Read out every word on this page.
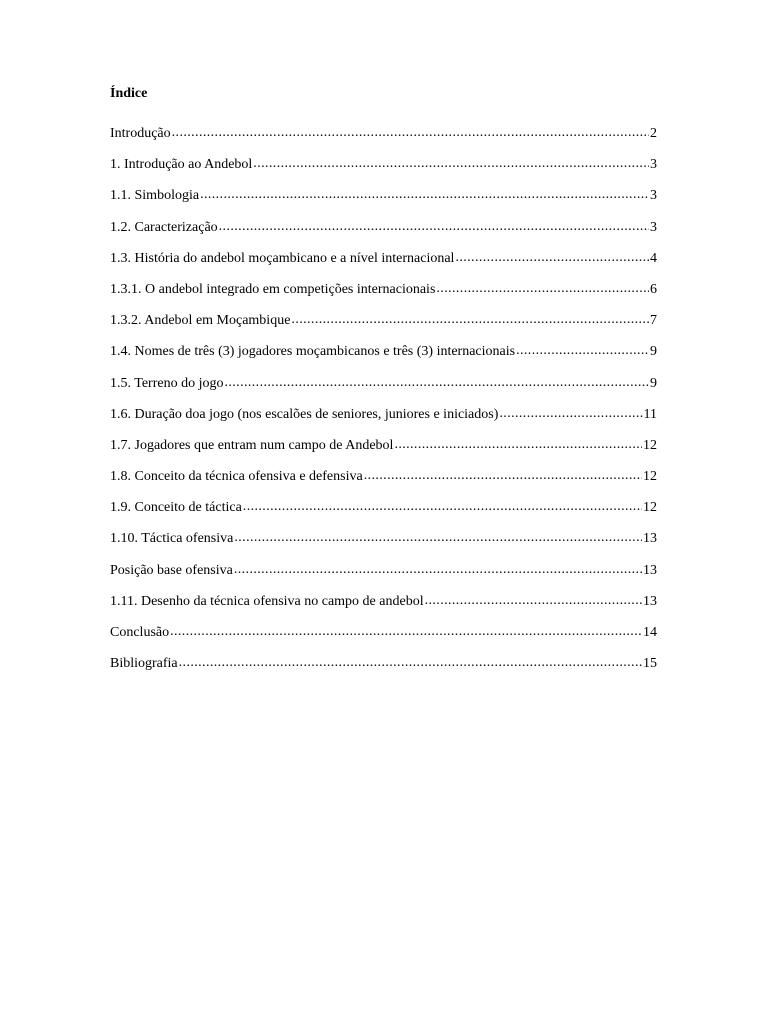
Índice
Introdução .....	2
1. Introdução ao Andebol .....	3
1.1. Simbologia .....	3
1.2. Caracterização .....	3
1.3. História do andebol moçambicano e a nível internacional .....	4
1.3.1. O andebol integrado em competições internacionais .....	6
1.3.2. Andebol em Moçambique .....	7
1.4. Nomes de três (3) jogadores moçambicanos e três (3) internacionais .....	9
1.5. Terreno do jogo .....	9
1.6. Duração doa jogo (nos escalões de seniores, juniores e iniciados) .....	11
1.7. Jogadores que entram num campo de Andebol .....	12
1.8. Conceito da técnica ofensiva e defensiva .....	12
1.9. Conceito de táctica .....	12
1.10. Táctica ofensiva .....	13
Posição base ofensiva .....	13
1.11. Desenho da técnica ofensiva no campo de andebol .....	13
Conclusão .....	14
Bibliografia .....	15
